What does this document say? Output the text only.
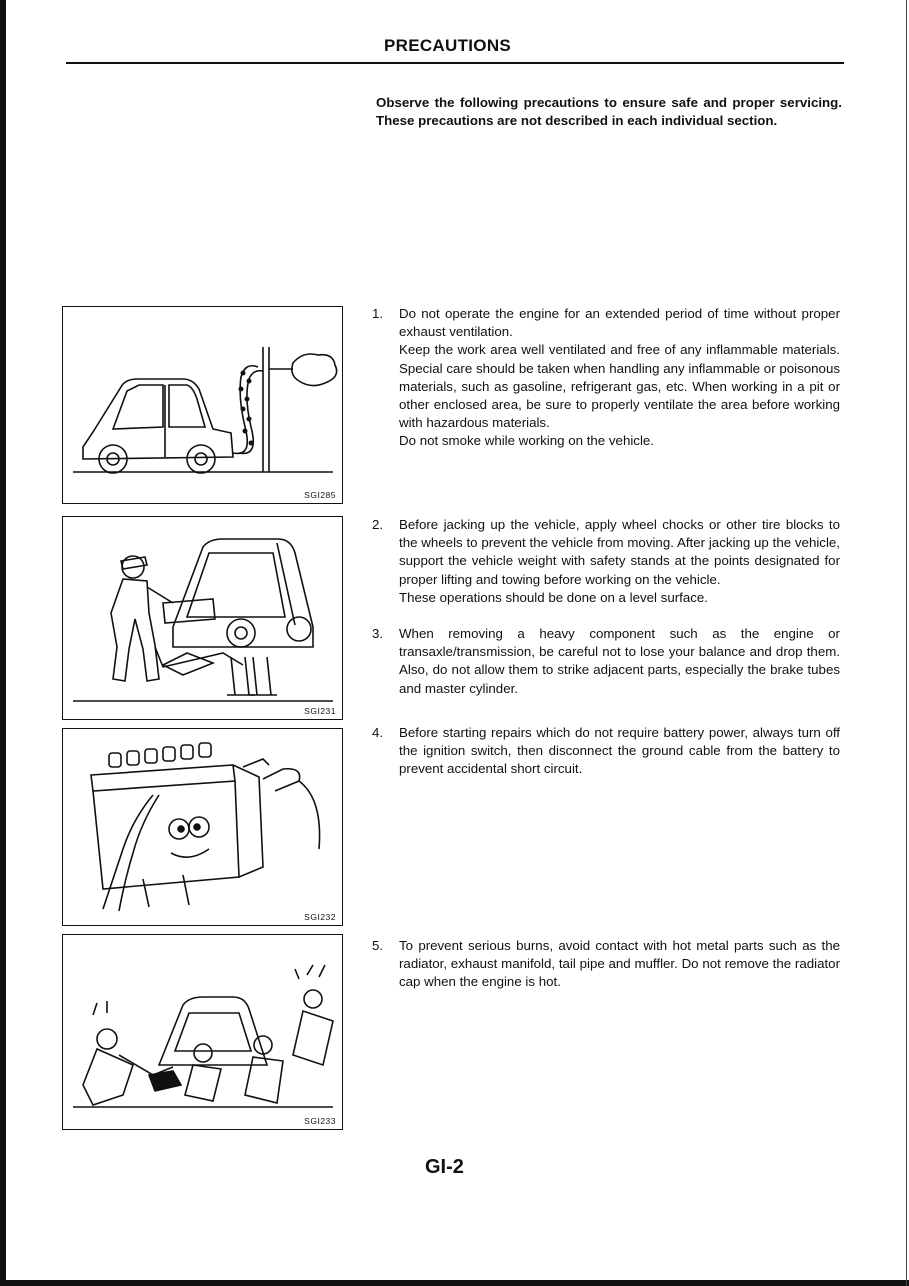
PRECAUTIONS
Observe the following precautions to ensure safe and proper servicing. These precautions are not described in each individual section.
SGI285
SGI231
SGI232
SGI233
1.	Do not operate the engine for an extended period of time without proper exhaust ventilation.

Keep the work area well ventilated and free of any inflammable materials. Special care should be taken when handling any inflammable or poisonous materials, such as gasoline, refrigerant gas, etc. When working in a pit or other enclosed area, be sure to properly ventilate the area before working with hazardous materials.

Do not smoke while working on the vehicle.

2.	Before jacking up the vehicle, apply wheel chocks or other tire blocks to the wheels to prevent the vehicle from moving. After jacking up the vehicle, support the vehicle weight with safety stands at the points designated for proper lifting and towing before working on the vehicle.

These operations should be done on a level surface.

3.	When removing a heavy component such as the engine or transaxle/transmission, be careful not to lose your balance and drop them. Also, do not allow them to strike adjacent parts, especially the brake tubes and master cylinder.

4.	Before starting repairs which do not require battery power, always turn off the ignition switch, then disconnect the ground cable from the battery to prevent accidental short circuit.

5.	To prevent serious burns, avoid contact with hot metal parts such as the radiator, exhaust manifold, tail pipe and muffler. Do not remove the radiator cap when the engine is hot.

GI-2
